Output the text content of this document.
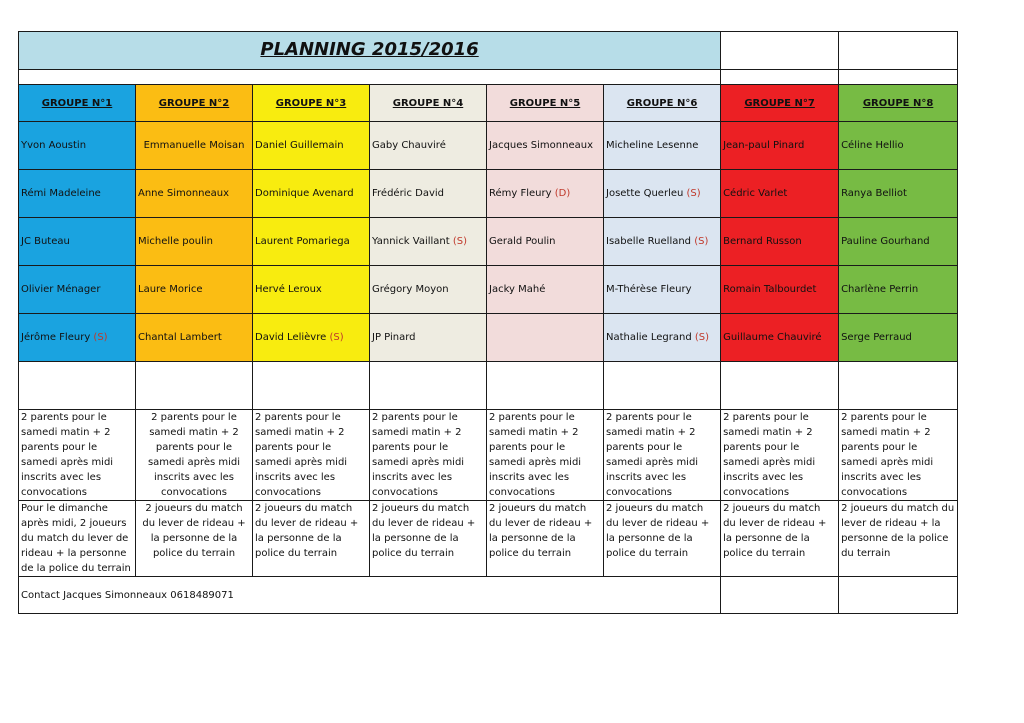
PLANNING 2015/2016							

GROUPE N°1	GROUPE N°2	GROUPE N°3	GROUPE N°4	GROUPE N°5	GROUPE N°6	GROUPE N°7	GROUPE N°8
Yvon Aoustin	Emmanuelle Moisan	Daniel Guillemain	Gaby Chauviré	Jacques Simonneaux	Micheline Lesenne	Jean-paul Pinard	Céline Hellio
Rémi Madeleine	Anne Simonneaux	Dominique Avenard	Frédéric David	Rémy Fleury (D)	Josette Querleu (S)	Cédric Varlet	Ranya Belliot
JC Buteau	Michelle poulin	Laurent Pomariega	Yannick Vaillant (S)	Gerald Poulin	Isabelle Ruelland (S)	Bernard Russon	Pauline Gourhand
Olivier Ménager	Laure Morice	Hervé Leroux	Grégory Moyon	Jacky Mahé	M-Thérèse Fleury	Romain Talbourdet	Charlène Perrin
Jérôme Fleury (S)	Chantal Lambert	David Lelièvre (S)	JP Pinard		Nathalie Legrand (S)	Guillaume Chauviré	Serge Perraud

2 parents pour le samedi matin + 2 parents pour le samedi après midi inscrits avec les convocations	2 parents pour le samedi matin + 2 parents pour le samedi après midi inscrits avec les convocations	2 parents pour le samedi matin + 2 parents pour le samedi après midi inscrits avec les convocations	2 parents pour le samedi matin + 2 parents pour le samedi après midi inscrits avec les convocations	2 parents pour le samedi matin + 2 parents pour le samedi après midi inscrits avec les convocations	2 parents pour le samedi matin + 2 parents pour le samedi après midi inscrits avec les convocations	2 parents pour le samedi matin + 2 parents pour le samedi après midi inscrits avec les convocations	2 parents pour le samedi matin + 2 parents pour le samedi après midi inscrits avec les convocations
Pour le dimanche après midi, 2 joueurs du match du lever de rideau + la personne de la police du terrain	2 joueurs du match du lever de rideau + la personne de la police du terrain	2 joueurs du match du lever de rideau + la personne de la police du terrain	2 joueurs du match du lever de rideau + la personne de la police du terrain	2 joueurs du match du lever de rideau + la personne de la police du terrain	2 joueurs du match du lever de rideau + la personne de la police du terrain	2 joueurs du match du lever de rideau + la personne de la police du terrain	2 joueurs du match du lever de rideau + la personne de la police du terrain
Contact Jacques Simonneaux 0618489071							
